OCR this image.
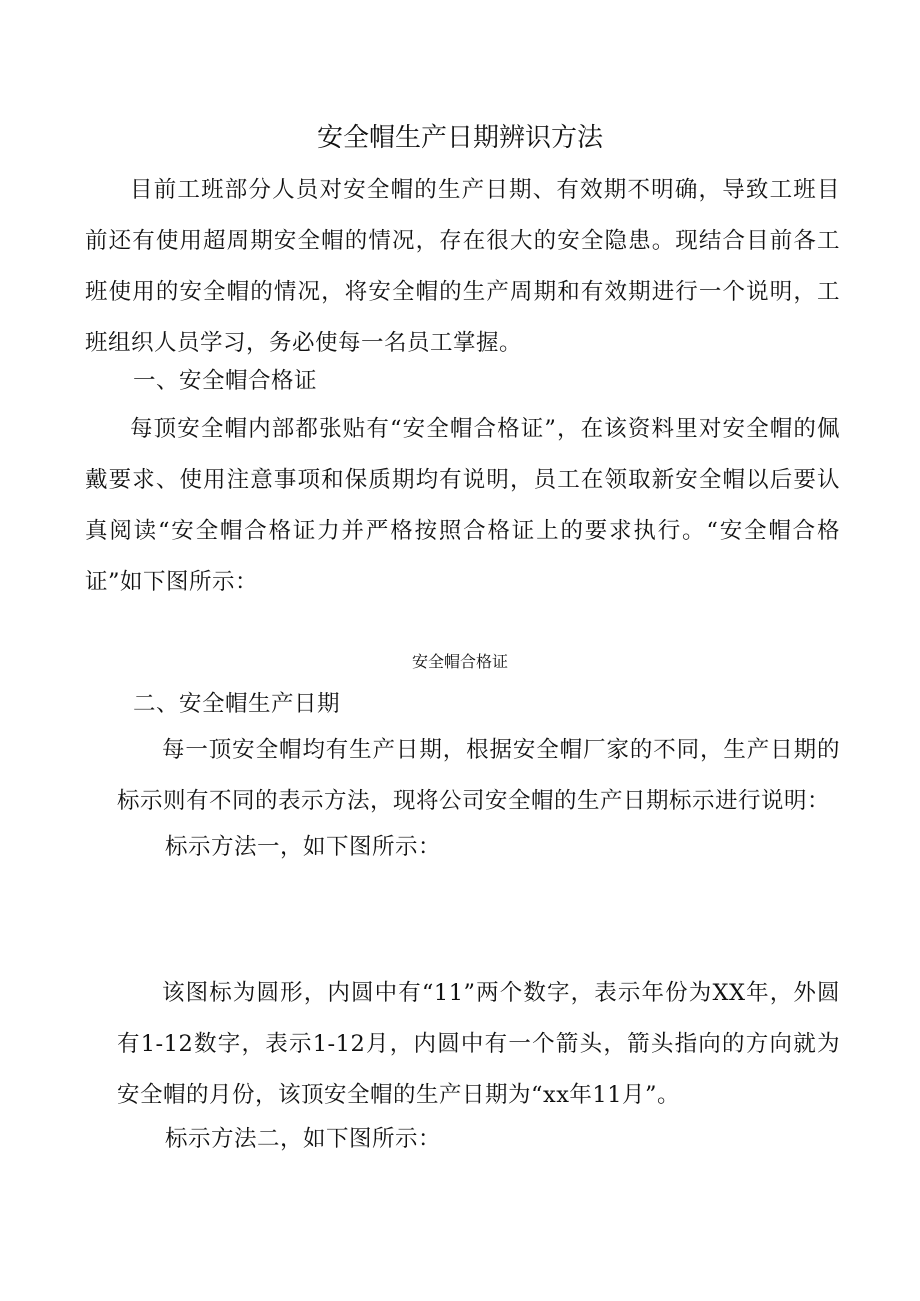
安全帽生产日期辨识方法
目前工班部分人员对安全帽的生产日期、有效期不明确，导致工班目前还有使用超周期安全帽的情况，存在很大的安全隐患。现结合目前各工班使用的安全帽的情况，将安全帽的生产周期和有效期进行一个说明，工班组织人员学习，务必使每一名员工掌握。
一、安全帽合格证
每顶安全帽内部都张贴有“安全帽合格证”，在该资料里对安全帽的佩戴要求、使用注意事项和保质期均有说明，员工在领取新安全帽以后要认真阅读“安全帽合格证力并严格按照合格证上的要求执行。“安全帽合格证”如下图所示：
安全帽合格证
二、安全帽生产日期
每一顶安全帽均有生产日期，根据安全帽厂家的不同，生产日期的标示则有不同的表示方法，现将公司安全帽的生产日期标示进行说明：
标示方法一，如下图所示：
该图标为圆形，内圆中有“11”两个数字，表示年份为XX年，外圆有1-12数字，表示1-12月，内圆中有一个箭头，箭头指向的方向就为安全帽的月份，该顶安全帽的生产日期为“xx年11月”。
标示方法二，如下图所示：
